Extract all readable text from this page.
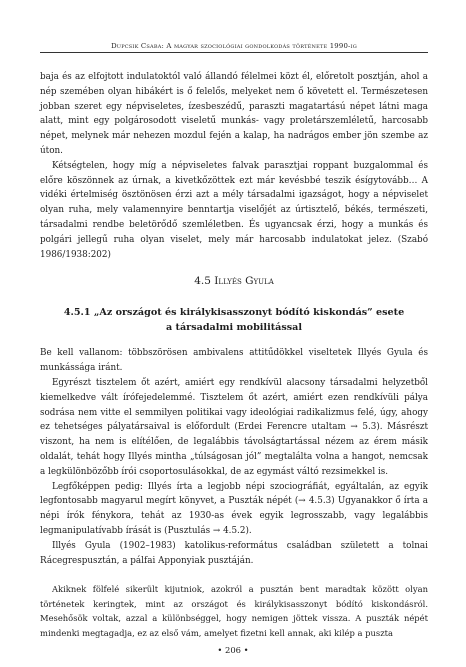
Dupcsik Csaba: A magyar szociológiai gondolkodás története 1990-ig

baja és az elfojtott indulatoktól való állandó félelmei közt él, előretolt posztján, ahol a nép szemében olyan hibákért is ő felelős, melyeket nem ő követett el. Természetesen jobban szeret egy népviseletes, ízesbeszédű, paraszti magatartású népet látni maga alatt, mint egy polgárosodott viseletű munkás- vagy proletárszemléletű, harcosabb népet, melynek már nehezen mozdul fején a kalap, ha nadrágos ember jön szembe az úton.

Kétségtelen, hogy míg a népviseletes falvak parasztjai roppant buzgalommal és előre köszönnek az úrnak, a kivetkőzöttek ezt már kevésbbé teszik ésígytovább… A vidéki értelmiség ösztönösen érzi azt a mély társadalmi igazságot, hogy a népviselet olyan ruha, mely valamennyire benntartja viselőjét az úrtisztelő, békés, természeti, társadalmi rendbe beletörődő szemléletben. És ugyancsak érzi, hogy a munkás és polgári jellegű ruha olyan viselet, mely már harcosabb indulatokat jelez. (Szabó 1986/1938:202)

4.5 Illyés Gyula
4.5.1 „Az országot és királykisasszonyt bódító kiskondás” esete
a társadalmi mobilitással

Be kell vallanom: többszörösen ambivalens attitűdökkel viseltetek Illyés Gyula és munkássága iránt.

Egyrészt tisztelem őt azért, amiért egy rendkívül alacsony társadalmi helyzetből kiemelkedve vált írófejedelemmé. Tisztelem őt azért, amiért ezen rendkívüli pálya sodrása nem vitte el semmilyen politikai vagy ideológiai radikalizmus felé, úgy, ahogy ez tehetséges pályatársaival is előfordult (Erdei Ferencre utaltam → 5.3). Másrészt viszont, ha nem is elítélően, de legalábbis távolságtartással nézem az érem másik oldalát, tehát hogy Illyés mintha „túlságosan jól” megtalálta volna a hangot, nemcsak a legkülönbözőbb írói csoportosulásokkal, de az egymást váltó rezsimekkel is.

Legfőképpen pedig: Illyés írta a legjobb népi szociográfiát, egyáltalán, az egyik legfontosabb magyarul megírt könyvet, a Puszták népét (→ 4.5.3) Ugyanakkor ő írta a népi írók fénykora, tehát az 1930-as évek egyik legrosszabb, vagy legalábbis legmanipulatívabb írását is (Pusztulás → 4.5.2).

Illyés Gyula (1902–1983) katolikus-református családban született a tolnai Rácegrespusztán, a pálfai Apponyiak pusztáján.

Akiknek fölfelé sikerült kijutniok, azokról a pusztán bent maradtak között olyan történetek keringtek, mint az országot és királykisasszonyt bódító kiskondásról. Mesehősök voltak, azzal a különbséggel, hogy nemigen jöttek vissza. A puszták népét mindenki megtagadja, ez az első vám, amelyet fizetni kell annak, aki kilép a puszta

• 206 •
